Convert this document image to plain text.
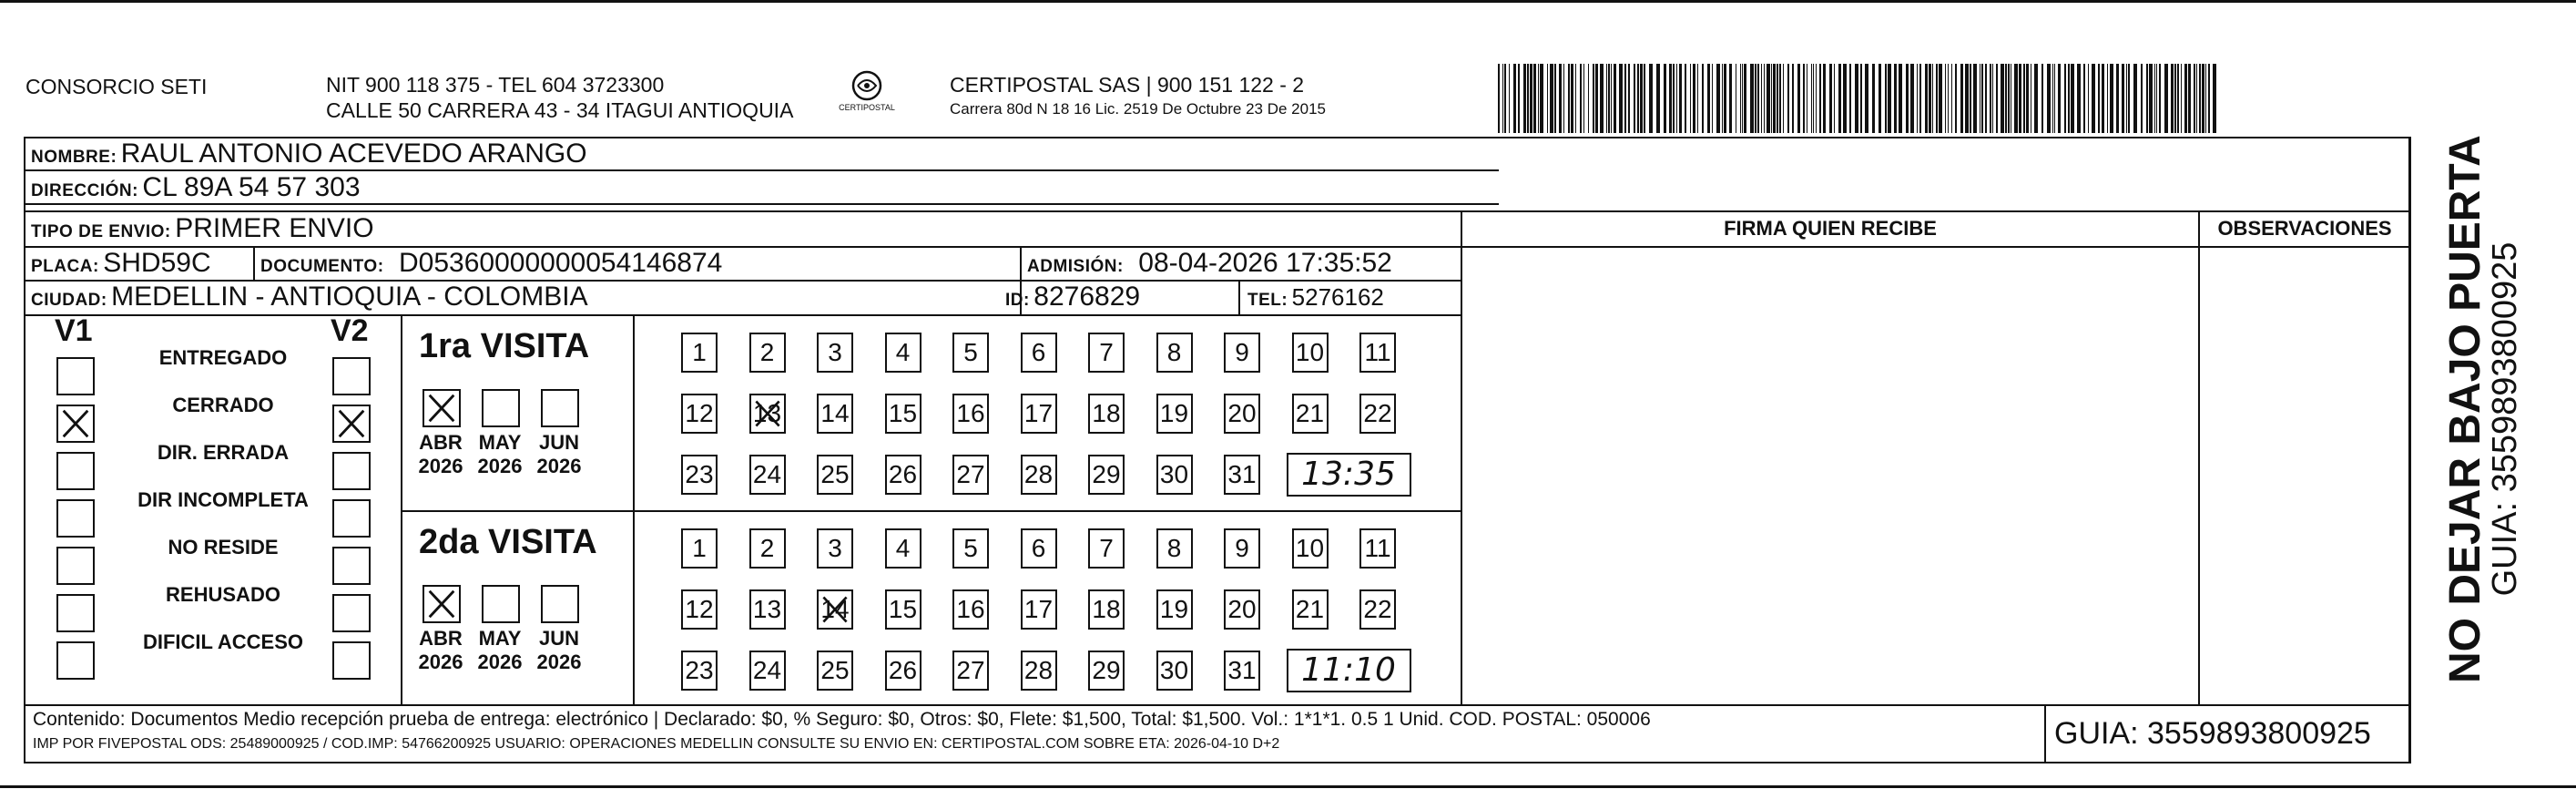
CONSORCIO SETI	NIT 900 118 375 - TEL 604 3723300
CALLE 50 CARRERA 43 - 34 ITAGUI ANTIOQUIA	CERTIPOSTAL
CERTIPOSTAL SAS | 900 151 122 - 2
Carrera 80d N 18 16 Lic. 2519 De Octubre 23 De 2015
NOMBRE: RAUL ANTONIO ACEVEDO ARANGO
DIRECCIÓN: CL 89A 54 57 303
TIPO DE ENVIO: PRIMER ENVIO
PLACA: SHD59C	DOCUMENTO: D05360000000054146874	ADMISIÓN: 08-04-2026 17:35:52
CIUDAD: MEDELLIN - ANTIOQUIA - COLOMBIA	ID: 8276829	TEL: 5276162
FIRMA QUIEN RECIBE	OBSERVACIONES
V1	V2
ENTREGADO
CERRADO
DIR. ERRADA
DIR INCOMPLETA
NO RESIDE
REHUSADO
DIFICIL ACCESO
1ra VISITA
ABR
2026
MAY
2026
JUN
2026
1	2	3	4	5	6	7	8	9	10 11
12 13 14 15 16 17 18 19 20 21 22
23 24 25 26 27 28 29 30 31	13:35
2da VISITA
ABR
2026
MAY
2026
JUN
2026
1	2	3	4	5	6	7	8	9	10 11
12 13 14 15 16 17 18 19 20 21 22
23 24 25 26 27 28 29 30 31	11:10
Contenido: Documentos Medio recepción prueba de entrega: electrónico | Declarado: $0, % Seguro: $0, Otros: $0, Flete: $1,500, Total: $1,500. Vol.: 1*1*1. 0.5 1 Unid. COD. POSTAL: 050006
IMP POR FIVEPOSTAL ODS: 25489000925 / COD.IMP: 54766200925 USUARIO: OPERACIONES MEDELLIN CONSULTE SU ENVIO EN: CERTIPOSTAL.COM SOBRE ETA: 2026-04-10 D+2	GUIA: 3559893800925
NO DEJAR BAJO PUERTA
GUIA: 3559893800925
